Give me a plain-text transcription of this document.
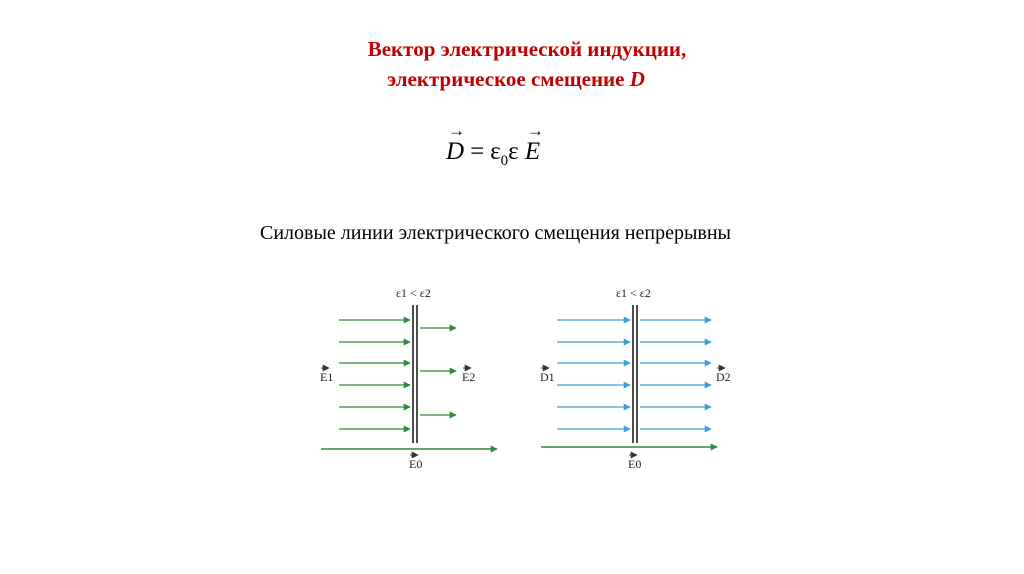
Вектор электрической индукции,
электрическое смещение D
→ $D = \varepsilon_0\varepsilon \to E$
Силовые линии электрического смещения непрерывны
ε1 < ε2
E1	E2
E0
ε1 < ε2
D1	D2
E0
